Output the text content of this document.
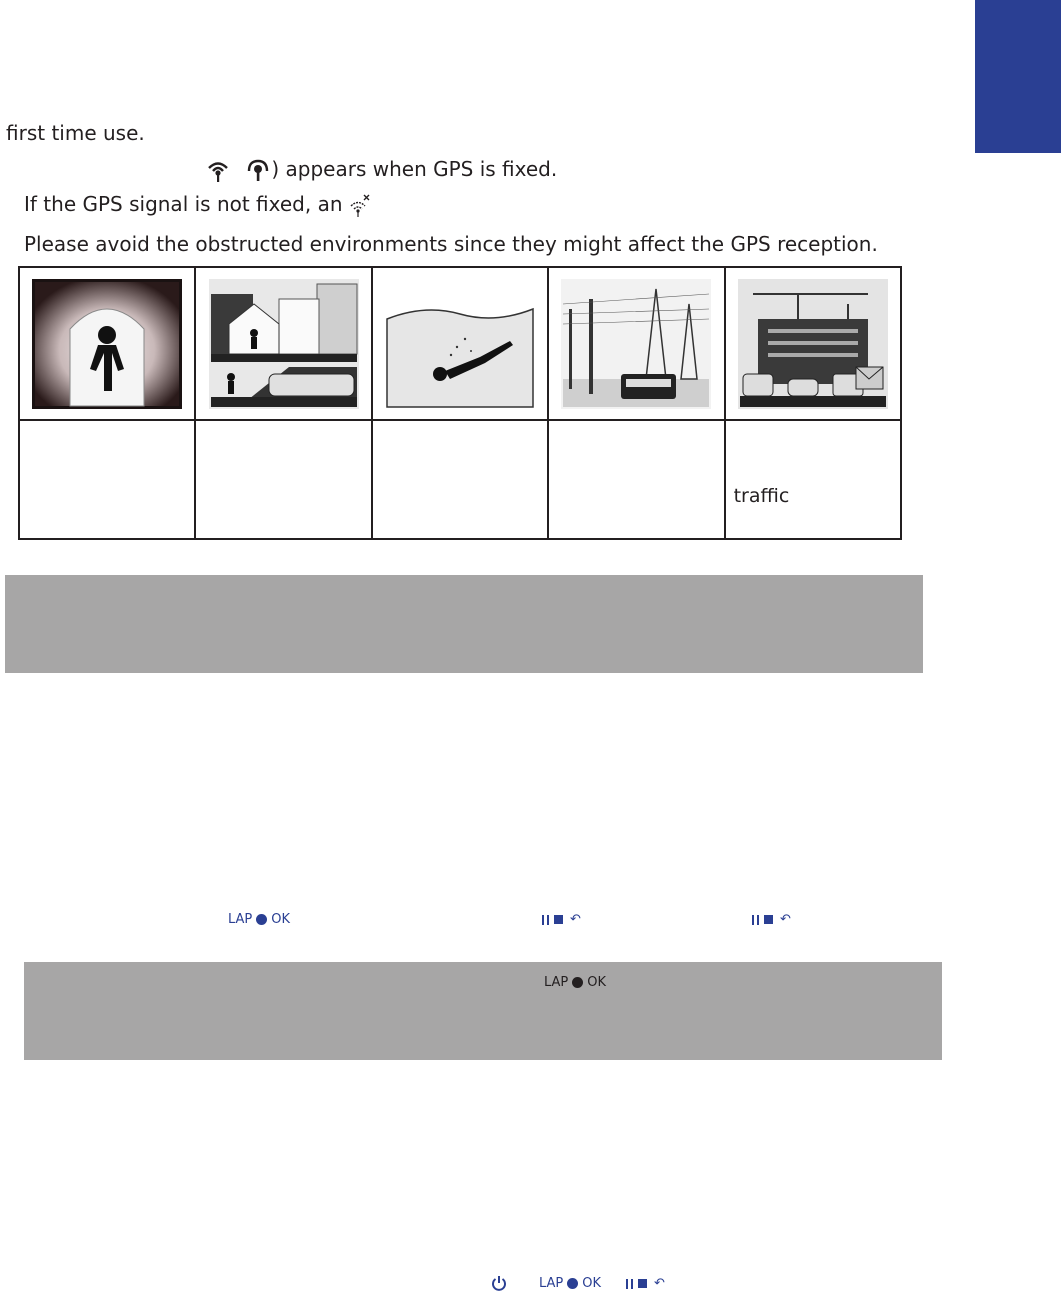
first time use.
) appears when GPS is fixed.
If the GPS signal is not fixed, an
Please avoid the obstructed environments since they might affect the GPS reception.

				traffic
LAP OK	↶	↶
LAP OK
LAP OK	↶
